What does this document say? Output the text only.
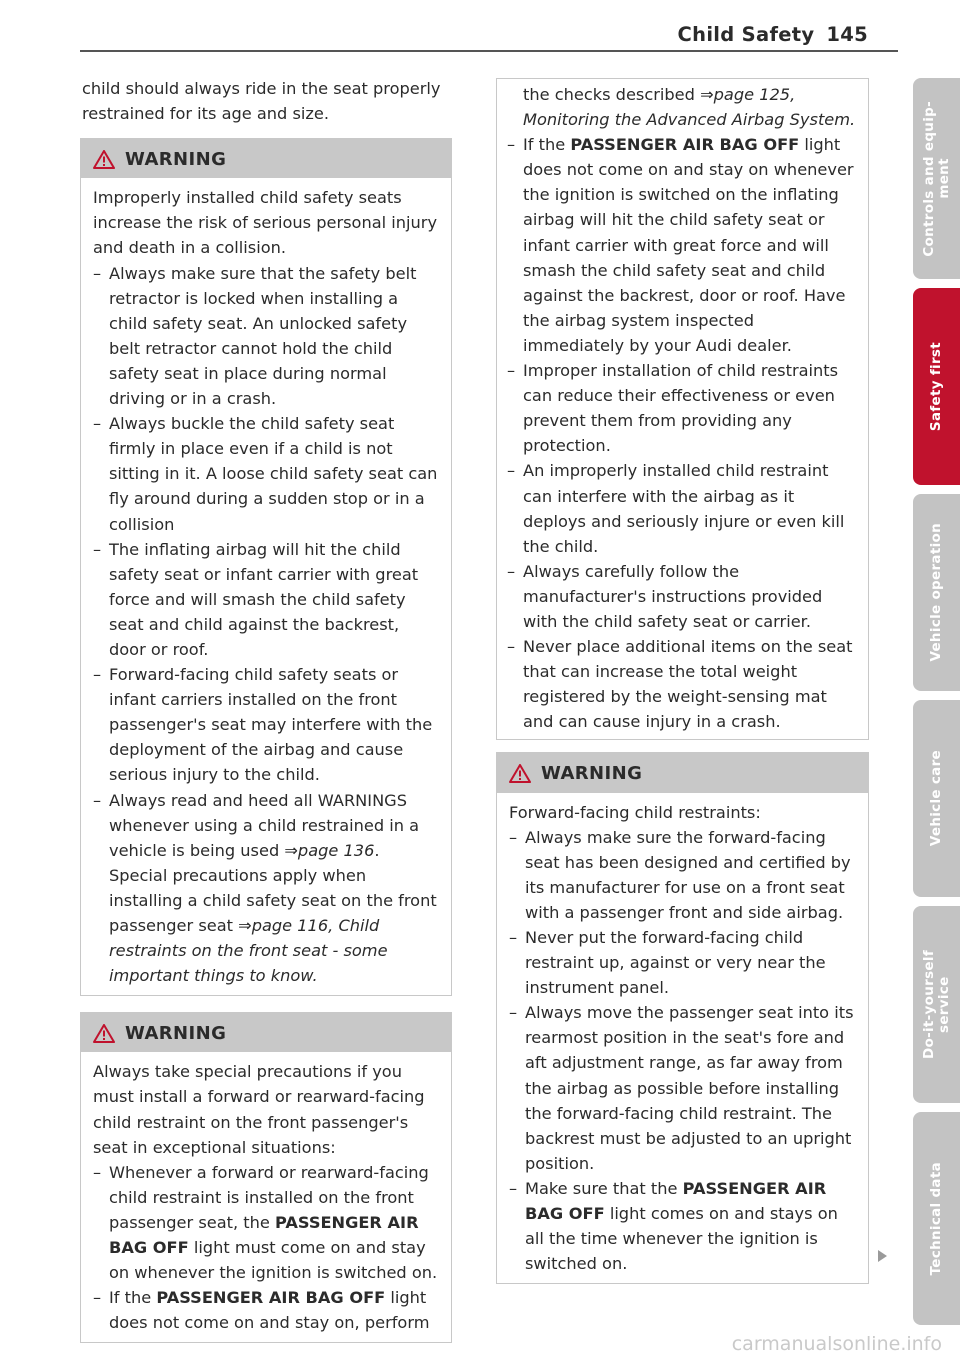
Child Safety 145

child should always ride in the seat properly restrained for its age and size.

WARNING

Improperly installed child safety seats increase the risk of serious personal injury and death in a collision.

– Always make sure that the safety belt retractor is locked when installing a child safety seat. An unlocked safety belt retractor cannot hold the child safety seat in place during normal driving or in a crash.
– Always buckle the child safety seat firmly in place even if a child is not sitting in it. A loose child safety seat can fly around during a sudden stop or in a collision
– The inflating airbag will hit the child safety seat or infant carrier with great force and will smash the child safety seat and child against the backrest, door or roof.
– Forward-facing child safety seats or infant carriers installed on the front passenger's seat may interfere with the deployment of the airbag and cause serious injury to the child.
– Always read and heed all WARNINGS whenever using a child restrained in a vehicle is being used ⇒page 136. Special precautions apply when installing a child safety seat on the front passenger seat ⇒page 116, Child restraints on the front seat - some important things to know.
WARNING

Always take special precautions if you must install a forward or rearward-facing child restraint on the front passenger's seat in exceptional situations:

– Whenever a forward or rearward-facing child restraint is installed on the front passenger seat, the PASSENGER AIR BAG OFF light must come on and stay on whenever the ignition is switched on.
– If the PASSENGER AIR BAG OFF light does not come on and stay on, perform

the checks described ⇒page 125, Monitoring the Advanced Airbag System.

– If the PASSENGER AIR BAG OFF light does not come on and stay on whenever the ignition is switched on the inflating airbag will hit the child safety seat or infant carrier with great force and will smash the child safety seat and child against the backrest, door or roof. Have the airbag system inspected immediately by your Audi dealer.
– Improper installation of child restraints can reduce their effectiveness or even prevent them from providing any protection.
– An improperly installed child restraint can interfere with the airbag as it deploys and seriously injure or even kill the child.
– Always carefully follow the manufacturer's instructions provided with the child safety seat or carrier.
– Never place additional items on the seat that can increase the total weight registered by the weight-sensing mat and can cause injury in a crash.
WARNING

Forward-facing child restraints:

– Always make sure the forward-facing seat has been designed and certified by its manufacturer for use on a front seat with a passenger front and side airbag.
– Never put the forward-facing child restraint up, against or very near the instrument panel.
– Always move the passenger seat into its rearmost position in the seat's fore and aft adjustment range, as far away from the airbag as possible before installing the forward-facing child restraint. The backrest must be adjusted to an upright position.
– Make sure that the PASSENGER AIR BAG OFF light comes on and stays on all the time whenever the ignition is switched on.
Controls and equip-
ment
Safety first
Vehicle operation
Vehicle care
Do-it-yourself
service
Technical data
carmanualsonline.info
